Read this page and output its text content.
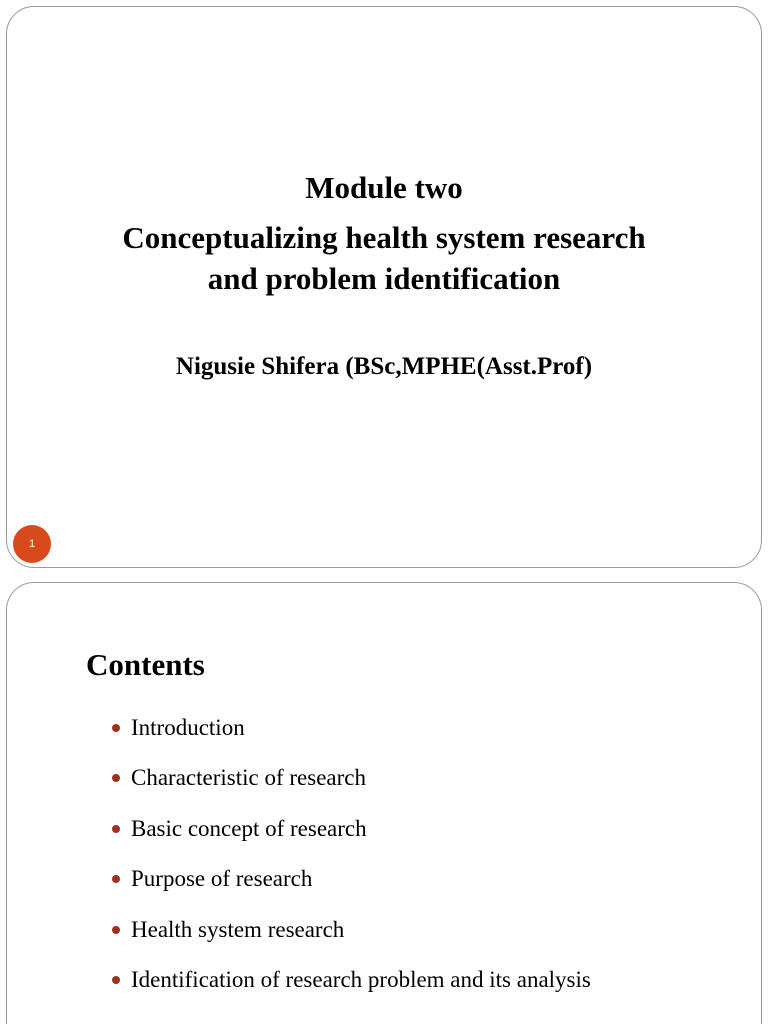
Module two
Conceptualizing health system research
and problem identification
Nigusie Shifera (BSc,MPHE(Asst.Prof)
1
Contents
Introduction
Characteristic of research
Basic concept of research
Purpose of research
Health system research
Identification of research problem and its analysis
